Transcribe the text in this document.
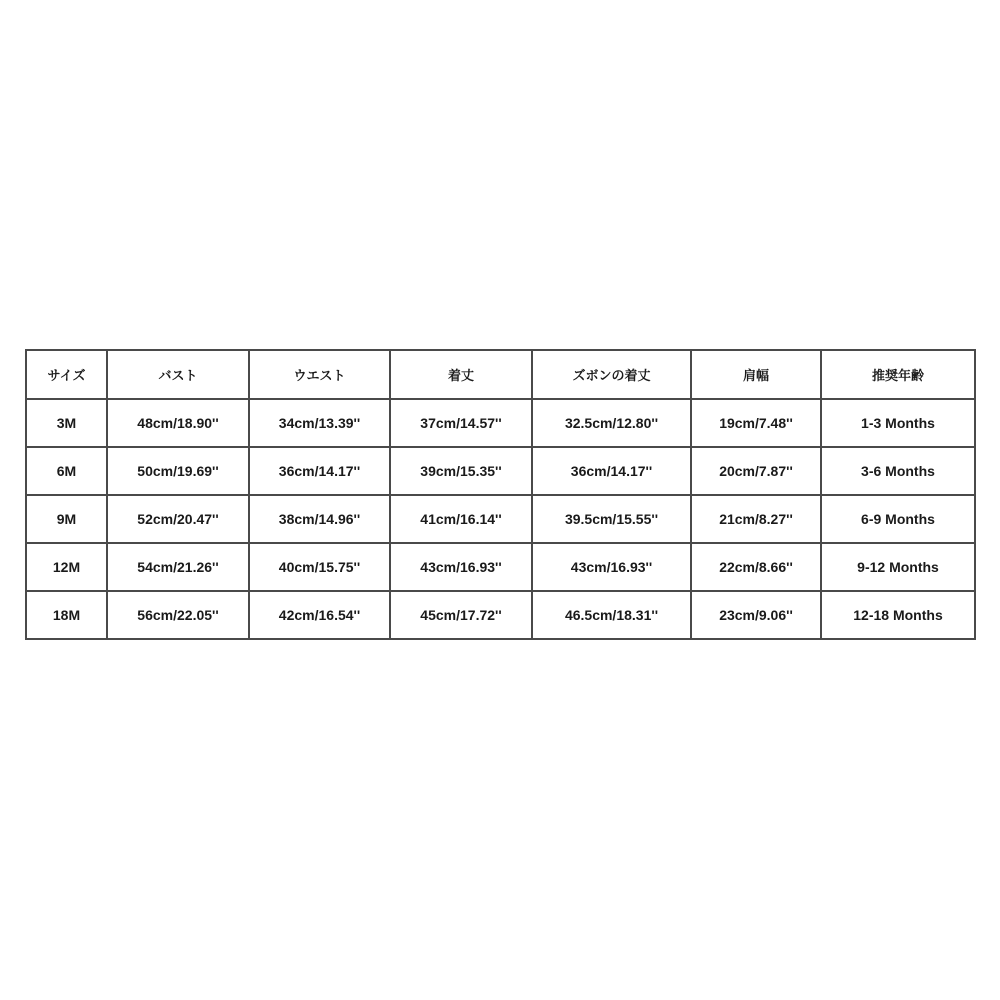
サイズ	バスト	ウエスト	着丈	ズボンの着丈	肩幅	推奨年齢
3M	48cm/18.90''	34cm/13.39''	37cm/14.57''	32.5cm/12.80''	19cm/7.48''	1-3 Months
6M	50cm/19.69''	36cm/14.17''	39cm/15.35''	36cm/14.17''	20cm/7.87''	3-6 Months
9M	52cm/20.47''	38cm/14.96''	41cm/16.14''	39.5cm/15.55''	21cm/8.27''	6-9 Months
12M	54cm/21.26''	40cm/15.75''	43cm/16.93''	43cm/16.93''	22cm/8.66''	9-12 Months
18M	56cm/22.05''	42cm/16.54''	45cm/17.72''	46.5cm/18.31''	23cm/9.06''	12-18 Months
